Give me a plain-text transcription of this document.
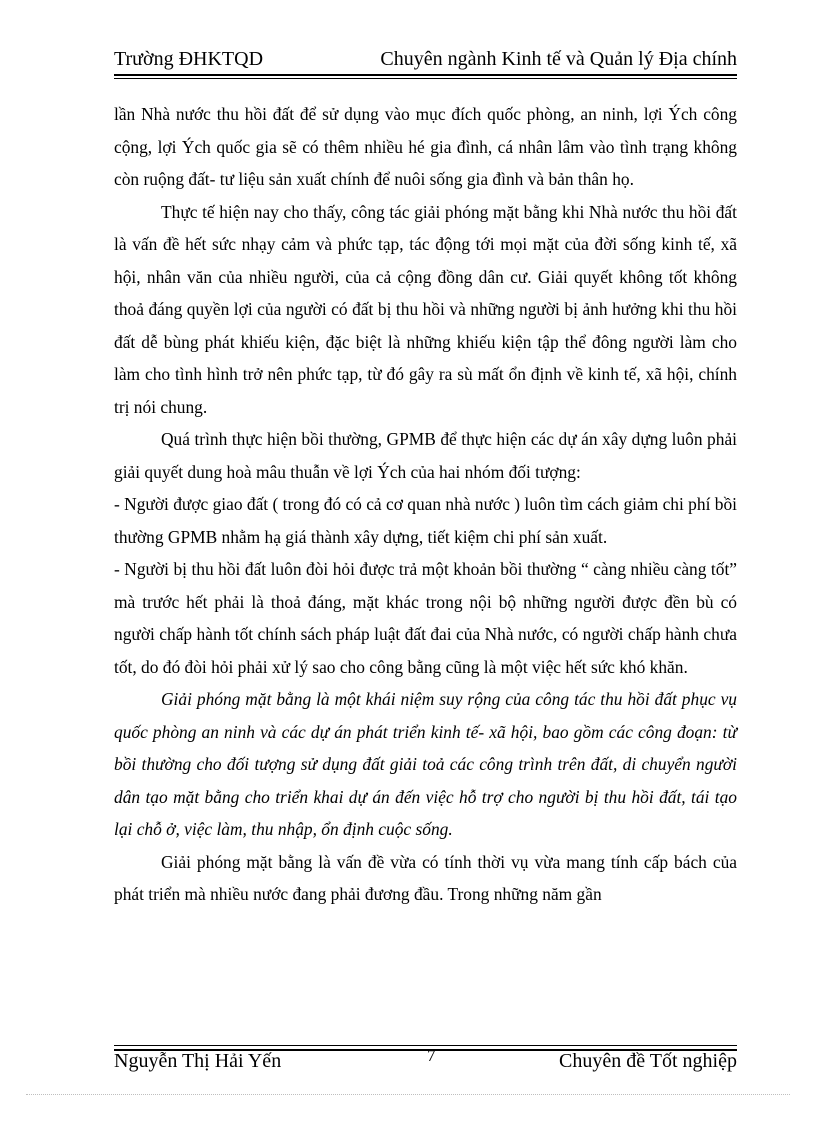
Trường ĐHKTQD	Chuyên ngành Kinh tế và Quản lý Địa chính

lần Nhà nước thu hồi đất để sử dụng vào mục đích quốc phòng, an ninh, lợi Ých công cộng, lợi Ých quốc gia sẽ có thêm nhiều hé gia đình, cá nhân lâm vào tình trạng không còn ruộng đất- tư liệu sản xuất chính để nuôi sống gia đình và bản thân họ.

Thực tế hiện nay cho thấy, công tác giải phóng mặt bằng khi Nhà nước thu hồi đất là vấn đề hết sức nhạy cảm và phức tạp, tác động tới mọi mặt của đời sống kinh tế, xã hội, nhân văn của nhiều người, của cả cộng đồng dân cư. Giải quyết không tốt không thoả đáng quyền lợi của người có đất bị thu hồi và những người bị ảnh hưởng khi thu hồi đất dễ bùng phát khiếu kiện, đặc biệt là những khiếu kiện tập thể đông người làm cho làm cho tình hình trở nên phức tạp, từ đó gây ra sù mất ổn định về kinh tế, xã hội, chính trị nói chung.

Quá trình thực hiện bồi thường, GPMB để thực hiện các dự án xây dựng luôn phải giải quyết dung hoà mâu thuẫn về lợi Ých của hai nhóm đối tượng:

- Người được giao đất ( trong đó có cả cơ quan nhà nước ) luôn tìm cách giảm chi phí bồi thường GPMB nhằm hạ giá thành xây dựng, tiết kiệm chi phí sản xuất.

- Người bị thu hồi đất luôn đòi hỏi được trả một khoản bồi thường “ càng nhiều càng tốt” mà trước hết phải là thoả đáng, mặt khác trong nội bộ những người được đền bù có người chấp hành tốt chính sách pháp luật đất đai của Nhà nước, có người chấp hành chưa tốt, do đó đòi hỏi phải xử lý sao cho công bằng cũng là một việc hết sức khó khăn.

Giải phóng mặt bằng là một khái niệm suy rộng của công tác thu hồi đất phục vụ quốc phòng an ninh và các dự án phát triển kinh tế- xã hội, bao gồm các công đoạn: từ bồi thường cho đối tượng sử dụng đất giải toả các công trình trên đất, di chuyển người dân tạo mặt bằng cho triển khai dự án đến việc hỗ trợ cho người bị thu hồi đất, tái tạo lại chỗ ở, việc làm, thu nhập, ổn định cuộc sống.

Giải phóng mặt bằng là vấn đề vừa có tính thời vụ vừa mang tính cấp bách của phát triển mà nhiều nước đang phải đương đầu. Trong những năm gần

Nguyễn Thị Hải Yến	7	Chuyên đề Tốt nghiệp
